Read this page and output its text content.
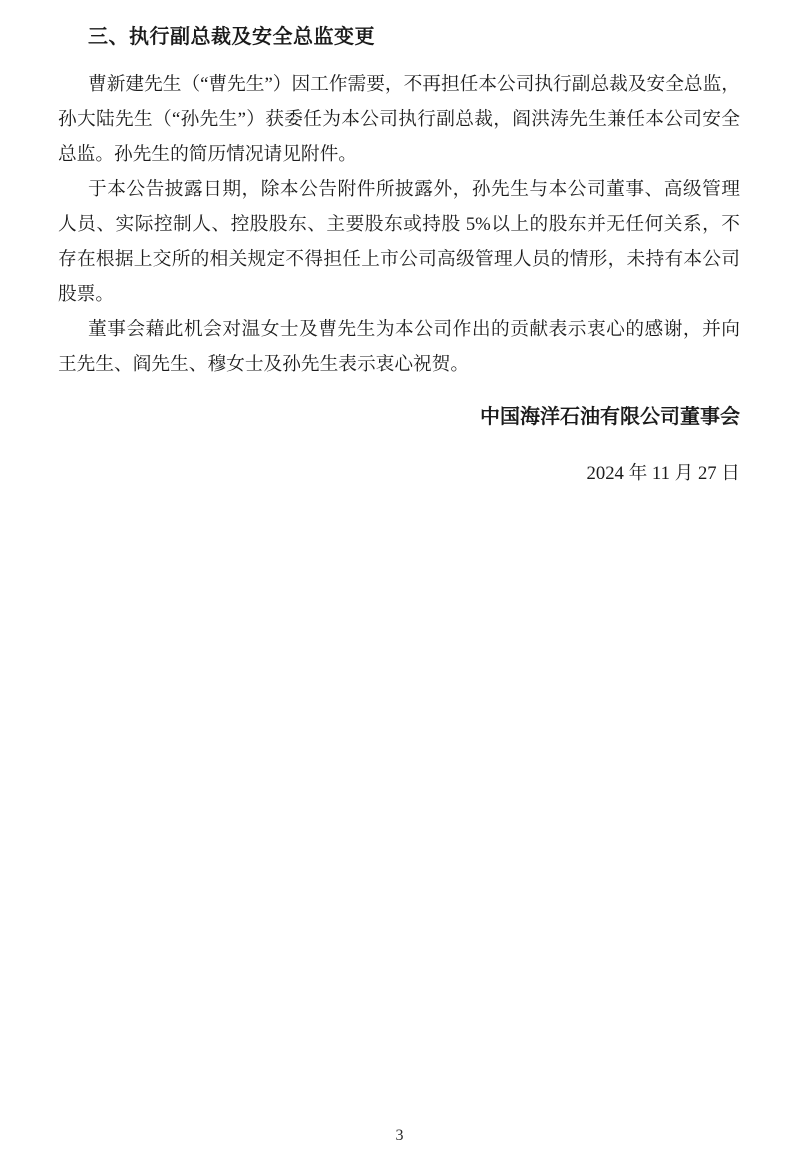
三、执行副总裁及安全总监变更

曹新建先生（“曹先生”）因工作需要，不再担任本公司执行副总裁及安全总监，孙大陆先生（“孙先生”）获委任为本公司执行副总裁，阎洪涛先生兼任本公司安全总监。孙先生的简历情况请见附件。

于本公告披露日期，除本公告附件所披露外，孙先生与本公司董事、高级管理人员、实际控制人、控股股东、主要股东或持股 5%以上的股东并无任何关系，不存在根据上交所的相关规定不得担任上市公司高级管理人员的情形，未持有本公司股票。

董事会藉此机会对温女士及曹先生为本公司作出的贡献表示衷心的感谢，并向王先生、阎先生、穆女士及孙先生表示衷心祝贺。

中国海洋石油有限公司董事会
2024 年 11 月 27 日
3
